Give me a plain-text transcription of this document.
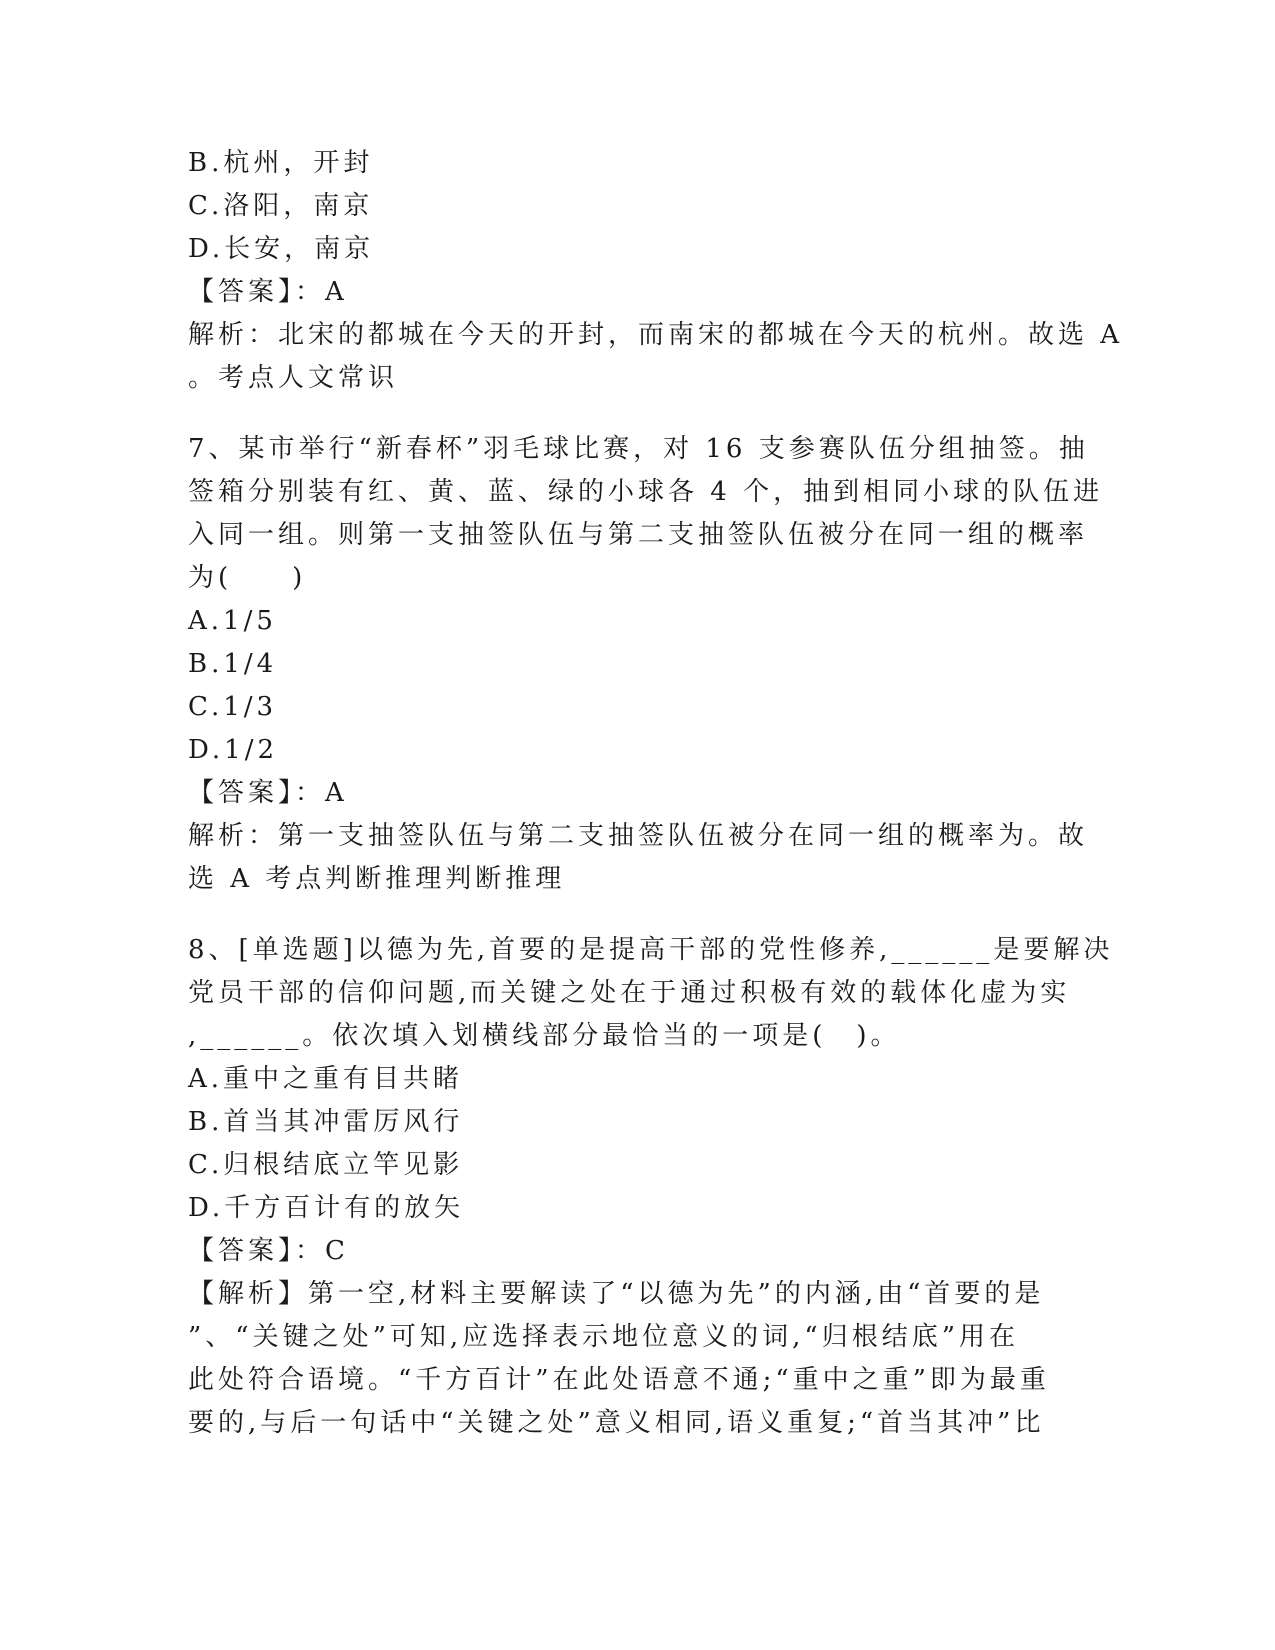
B.杭州，开封
C.洛阳，南京
D.长安，南京
【答案】：A
解析：北宋的都城在今天的开封，而南宋的都城在今天的杭州。故选 A
。考点人文常识
7、某市举行“新春杯”羽毛球比赛，对 16 支参赛队伍分组抽签。抽
签箱分别装有红、黄、蓝、绿的小球各 4 个，抽到相同小球的队伍进
入同一组。则第一支抽签队伍与第二支抽签队伍被分在同一组的概率
为(　　)
A.1/5
B.1/4
C.1/3
D.1/2
【答案】：A
解析：第一支抽签队伍与第二支抽签队伍被分在同一组的概率为。故
选 A 考点判断推理判断推理
8、[单选题]以德为先,首要的是提高干部的党性修养,______是要解决
党员干部的信仰问题,而关键之处在于通过积极有效的载体化虚为实
,______。依次填入划横线部分最恰当的一项是(　)。
A.重中之重有目共睹
B.首当其冲雷厉风行
C.归根结底立竿见影
D.千方百计有的放矢
【答案】：C
【解析】第一空,材料主要解读了“以德为先”的内涵,由“首要的是
”、“关键之处”可知,应选择表示地位意义的词,“归根结底”用在
此处符合语境。“千方百计”在此处语意不通;“重中之重”即为最重
要的,与后一句话中“关键之处”意义相同,语义重复;“首当其冲”比
